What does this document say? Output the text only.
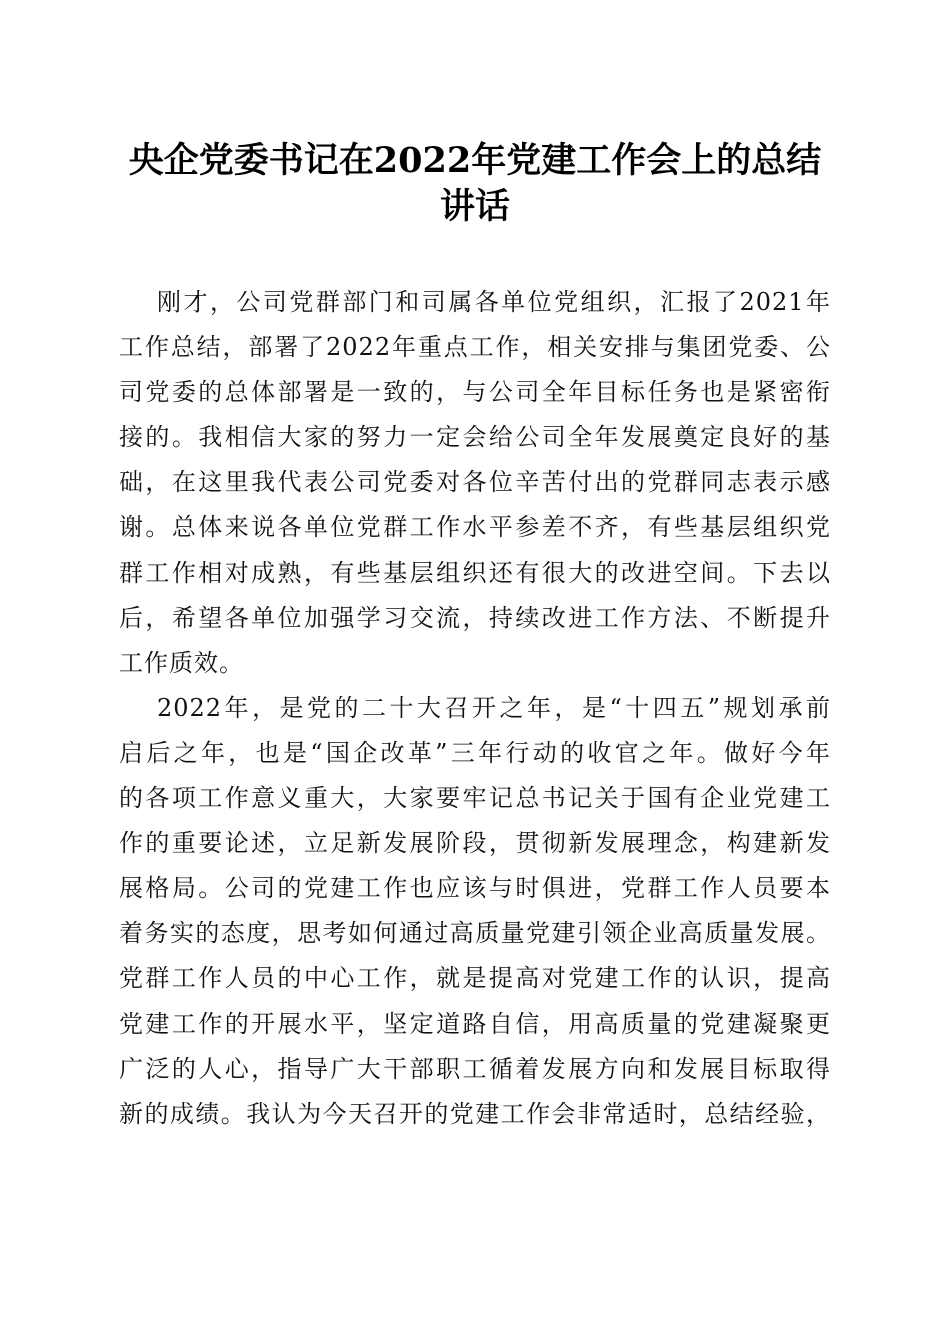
央企党委书记在2022年党建工作会上的总结
讲话
刚才，公司党群部门和司属各单位党组织，汇报了2021年
工作总结，部署了2022年重点工作，相关安排与集团党委、公
司党委的总体部署是一致的，与公司全年目标任务也是紧密衔
接的。我相信大家的努力一定会给公司全年发展奠定良好的基
础，在这里我代表公司党委对各位辛苦付出的党群同志表示感
谢。总体来说各单位党群工作水平参差不齐，有些基层组织党
群工作相对成熟，有些基层组织还有很大的改进空间。下去以
后，希望各单位加强学习交流，持续改进工作方法、不断提升
工作质效。
2022年，是党的二十大召开之年，是“十四五”规划承前
启后之年，也是“国企改革”三年行动的收官之年。做好今年
的各项工作意义重大，大家要牢记总书记关于国有企业党建工
作的重要论述，立足新发展阶段，贯彻新发展理念，构建新发
展格局。公司的党建工作也应该与时俱进，党群工作人员要本
着务实的态度，思考如何通过高质量党建引领企业高质量发展。
党群工作人员的中心工作，就是提高对党建工作的认识，提高
党建工作的开展水平，坚定道路自信，用高质量的党建凝聚更
广泛的人心，指导广大干部职工循着发展方向和发展目标取得
新的成绩。我认为今天召开的党建工作会非常适时，总结经验，
